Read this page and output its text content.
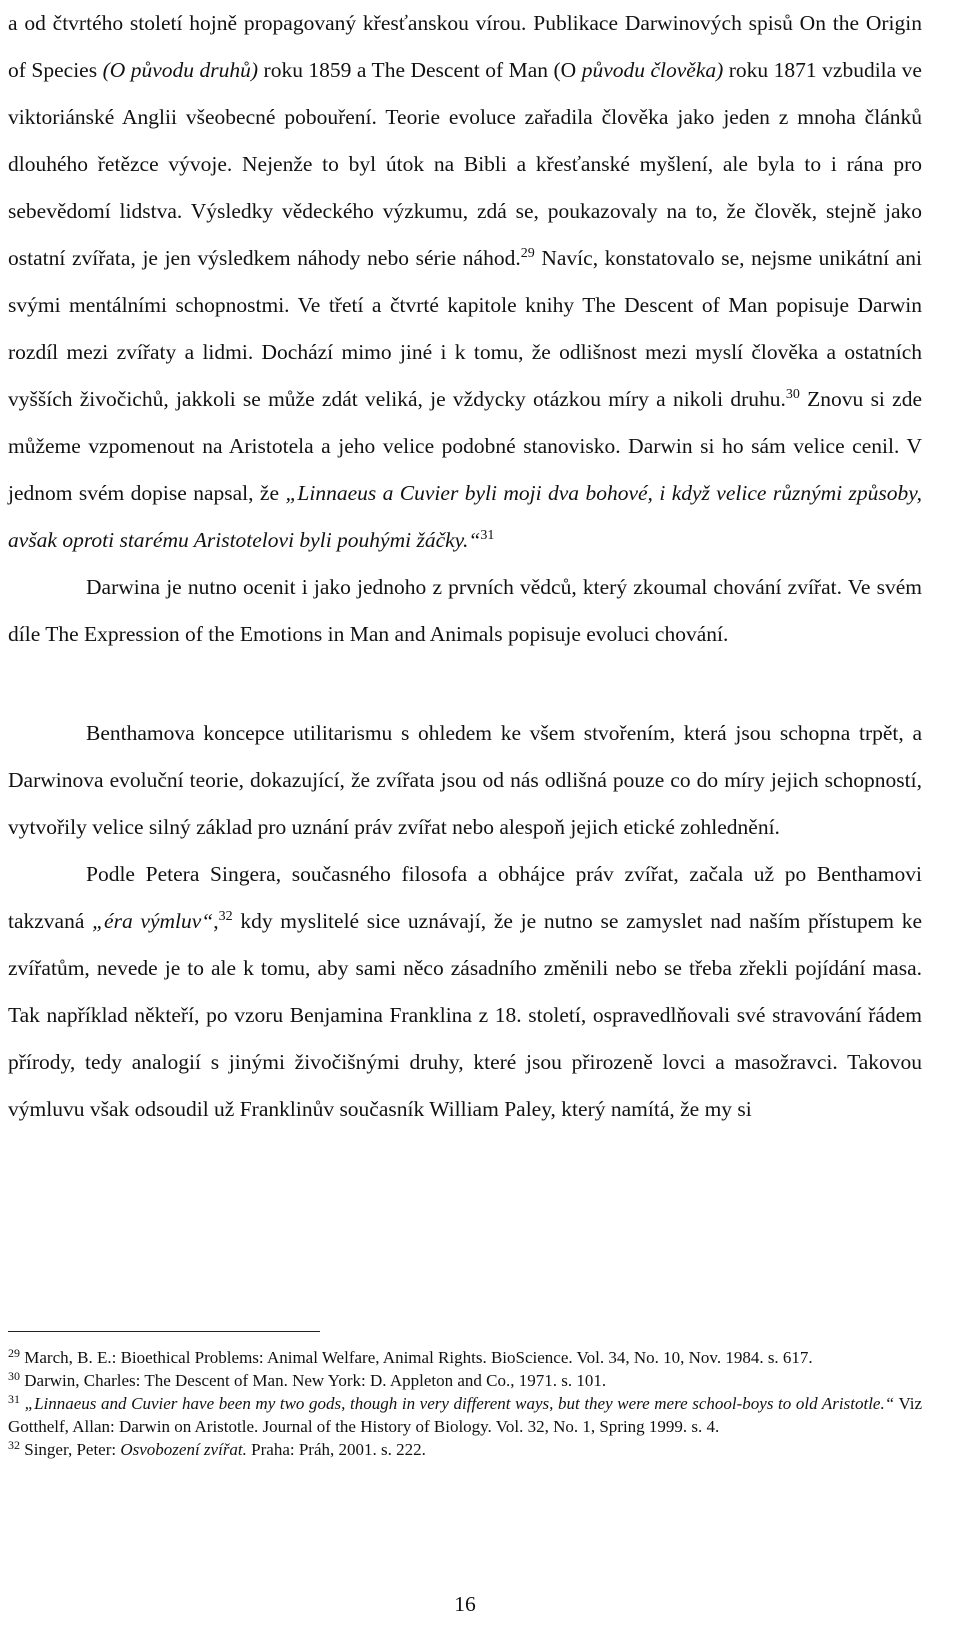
a od čtvrtého století hojně propagovaný křesťanskou vírou. Publikace Darwinových spisů On the Origin of Species (O původu druhů) roku 1859 a The Descent of Man (O původu člověka) roku 1871 vzbudila ve viktoriánské Anglii všeobecné pobouření. Teorie evoluce zařadila člověka jako jeden z mnoha článků dlouhého řetězce vývoje. Nejenže to byl útok na Bibli a křesťanské myšlení, ale byla to i rána pro sebevědomí lidstva. Výsledky vědeckého výzkumu, zdá se, poukazovaly na to, že člověk, stejně jako ostatní zvířata, je jen výsledkem náhody nebo série náhod.$^{29}$ Navíc, konstatovalo se, nejsme unikátní ani svými mentálními schopnostmi. Ve třetí a čtvrté kapitole knihy The Descent of Man popisuje Darwin rozdíl mezi zvířaty a lidmi. Dochází mimo jiné i k tomu, že odlišnost mezi myslí člověka a ostatních vyšších živočichů, jakkoli se může zdát veliká, je vždycky otázkou míry a nikoli druhu.$^{30}$ Znovu si zde můžeme vzpomenout na Aristotela a jeho velice podobné stanovisko. Darwin si ho sám velice cenil. V jednom svém dopise napsal, že „Linnaeus a Cuvier byli moji dva bohové, i když velice různými způsoby, avšak oproti starému Aristotelovi byli pouhými žáčky.“$^{31}$

Darwina je nutno ocenit i jako jednoho z prvních vědců, který zkoumal chování zvířat. Ve svém díle The Expression of the Emotions in Man and Animals popisuje evoluci chování.

Benthamova koncepce utilitarismu s ohledem ke všem stvořením, která jsou schopna trpět, a Darwinova evoluční teorie, dokazující, že zvířata jsou od nás odlišná pouze co do míry jejich schopností, vytvořily velice silný základ pro uznání práv zvířat nebo alespoň jejich etické zohlednění.

Podle Petera Singera, současného filosofa a obhájce práv zvířat, začala už po Benthamovi takzvaná „éra výmluv“,$^{32}$ kdy myslitelé sice uznávají, že je nutno se zamyslet nad naším přístupem ke zvířatům, nevede je to ale k tomu, aby sami něco zásadního změnili nebo se třeba zřekli pojídání masa. Tak například někteří, po vzoru Benjamina Franklina z 18. století, ospravedlňovali své stravování řádem přírody, tedy analogií s jinými živočišnými druhy, které jsou přirozeně lovci a masožravci. Takovou výmluvu však odsoudil už Franklinův současník William Paley, který namítá, že my si

$^{29}$ March, B. E.: Bioethical Problems: Animal Welfare, Animal Rights. BioScience. Vol. 34, No. 10, Nov. 1984. s. 617.

$^{30}$ Darwin, Charles: The Descent of Man. New York: D. Appleton and Co., 1971. s. 101.

$^{31}$ „Linnaeus and Cuvier have been my two gods, though in very different ways, but they were mere school-boys to old Aristotle.“ Viz Gotthelf, Allan: Darwin on Aristotle. Journal of the History of Biology. Vol. 32, No. 1, Spring 1999. s. 4.

$^{32}$ Singer, Peter: Osvobození zvířat. Praha: Práh, 2001. s. 222.

16
